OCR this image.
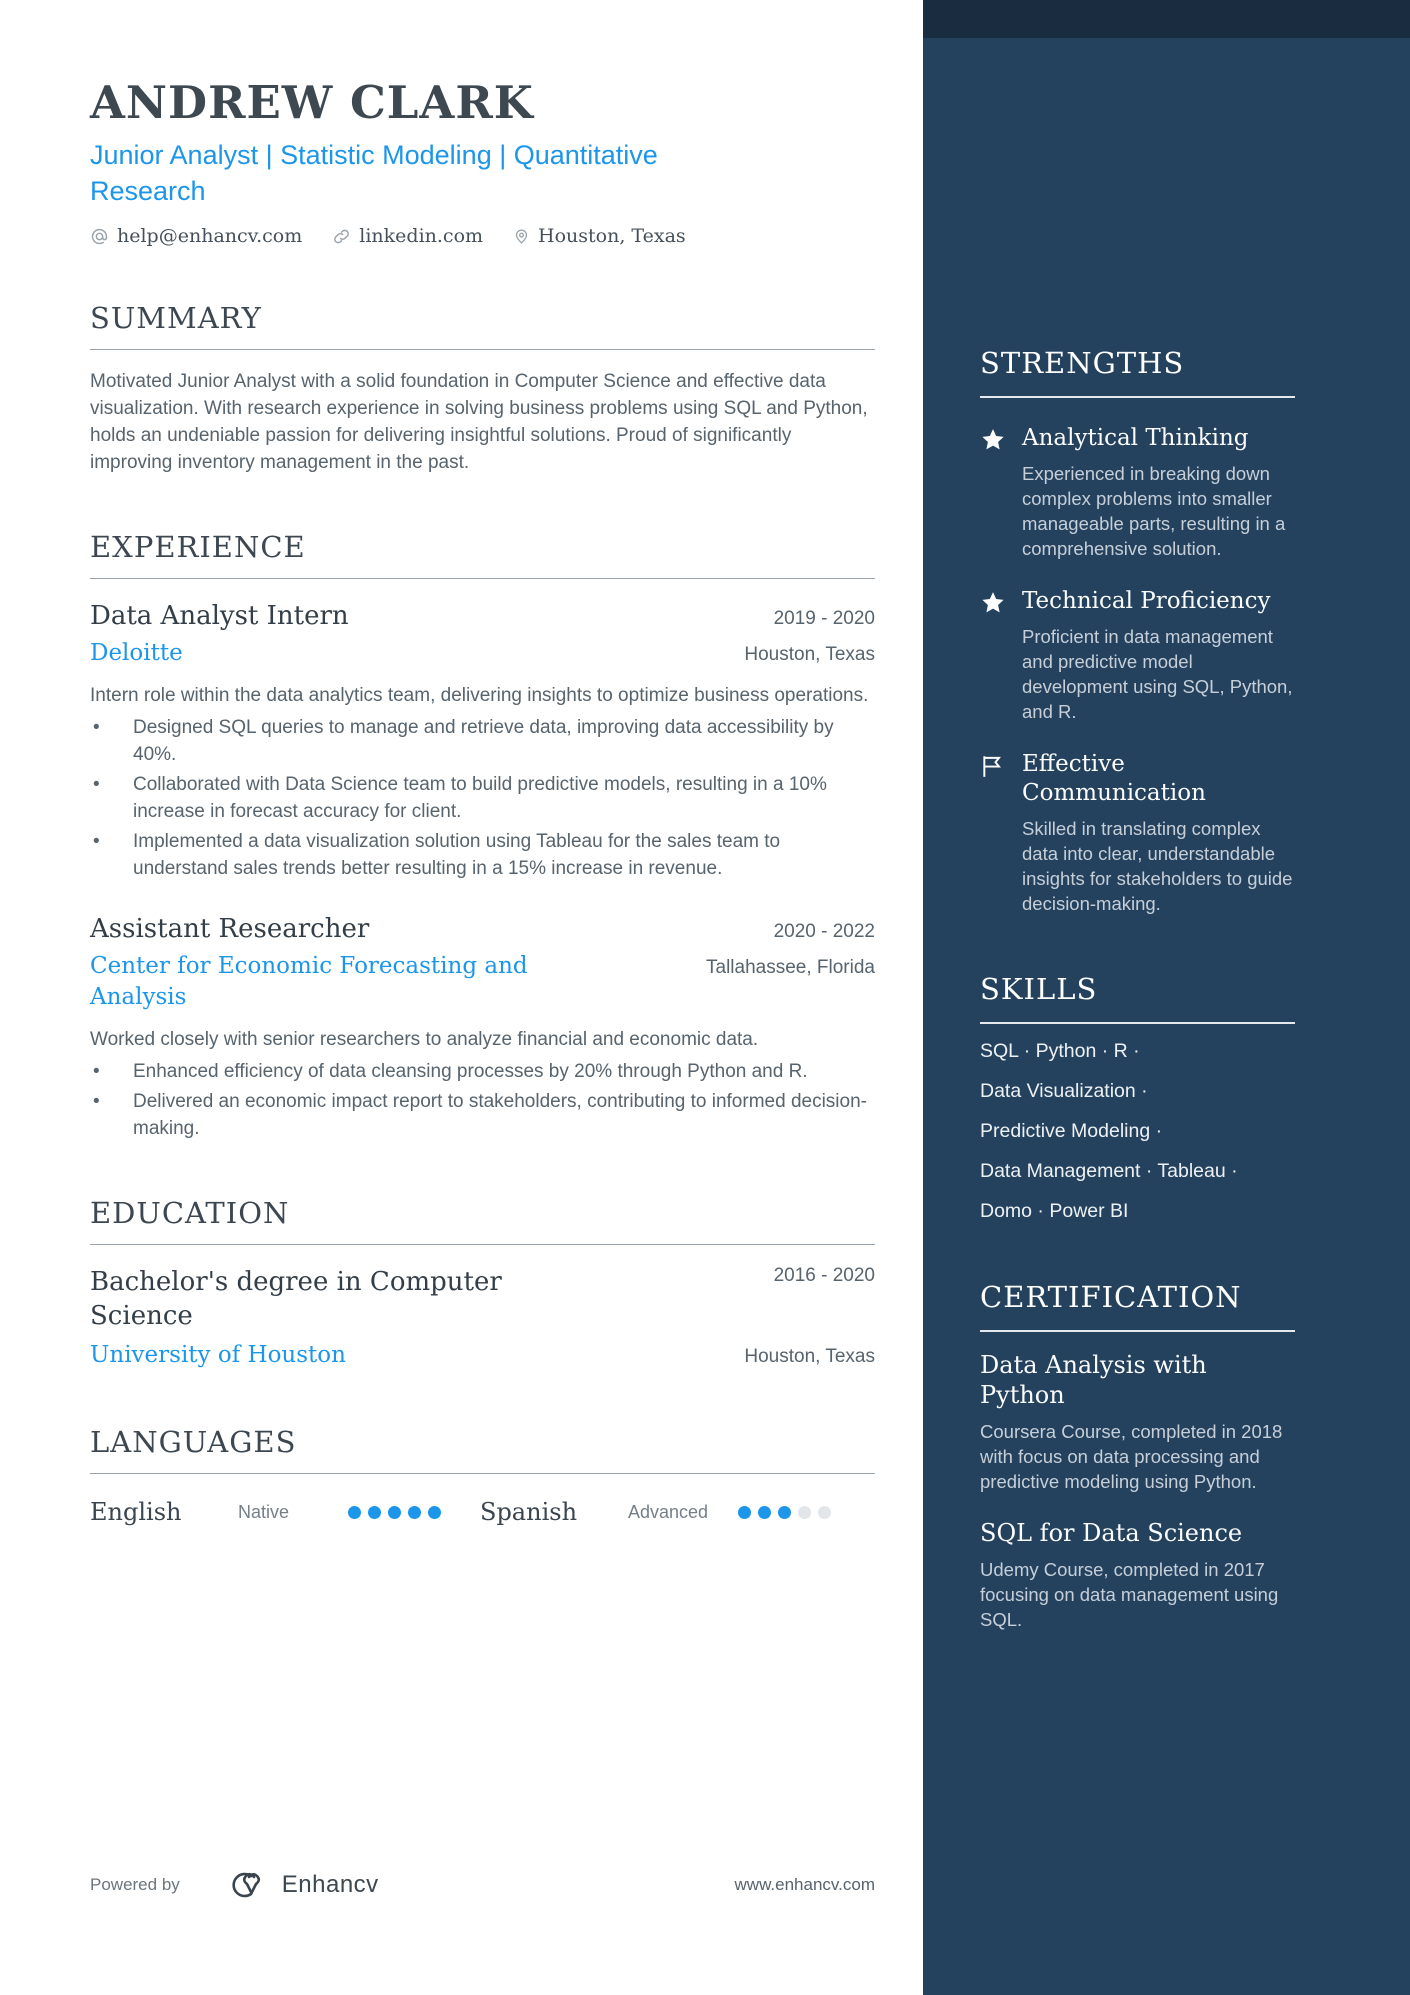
STRENGTHS
Analytical Thinking
Experienced in breaking down complex problems into smaller manageable parts, resulting in a comprehensive solution.
Technical Proficiency
Proficient in data management and predictive model development using SQL, Python, and R.
Effective Communication
Skilled in translating complex data into clear, understandable insights for stakeholders to guide decision-making.
SKILLS
SQL · Python · R ·
Data Visualization ·
Predictive Modeling ·
Data Management · Tableau ·
Domo · Power BI
CERTIFICATION
Data Analysis with Python
Coursera Course, completed in 2018 with focus on data processing and predictive modeling using Python.
SQL for Data Science
Udemy Course, completed in 2017 focusing on data management using SQL.
ANDREW CLARK
Junior Analyst | Statistic Modeling | Quantitative Research
help@enhancv.com	linkedin.com	Houston, Texas
SUMMARY
Motivated Junior Analyst with a solid foundation in Computer Science and effective data visualization. With research experience in solving business problems using SQL and Python, holds an undeniable passion for delivering insightful solutions. Proud of significantly improving inventory management in the past.
EXPERIENCE
Data Analyst Intern	2019 - 2020
Deloitte	Houston, Texas
Intern role within the data analytics team, delivering insights to optimize business operations.
• Designed SQL queries to manage and retrieve data, improving data accessibility by 40%.
• Collaborated with Data Science team to build predictive models, resulting in a 10% increase in forecast accuracy for client.
• Implemented a data visualization solution using Tableau for the sales team to understand sales trends better resulting in a 15% increase in revenue.
Assistant Researcher	2020 - 2022
Center for Economic Forecasting and Analysis
Tallahassee, Florida
Worked closely with senior researchers to analyze financial and economic data.
• Enhanced efficiency of data cleansing processes by 20% through Python and R.
• Delivered an economic impact report to stakeholders, contributing to informed decision-making.
EDUCATION
Bachelor's degree in Computer Science
2016 - 2020
University of Houston	Houston, Texas
LANGUAGES
English	Native	Spanish	Advanced
Powered by	Enhancv	www.enhancv.com
